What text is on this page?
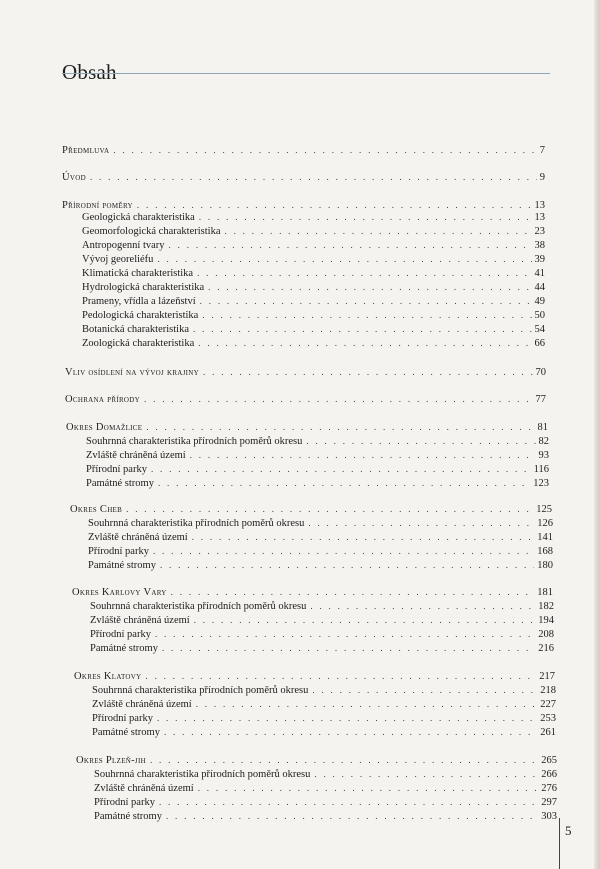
Obsah
Předmluva . . .	7
Úvod . . .	9
Přírodní poměry . . .	13
Geologická charakteristika . . .	13
Geomorfologická charakteristika . . .	23
Antropogenní tvary . . .	38
Vývoj georeliéfu . . .	39
Klimatická charakteristika . . .	41
Hydrologická charakteristika . . .	44
Prameny, vřídla a lázeňství . . .	49
Pedologická charakteristika . . .	50
Botanická charakteristika . . .	54
Zoologická charakteristika . . .	66
Vliv osídlení na vývoj krajiny . . .	70
Ochrana přírody . . .	77
Okres Domažlice . . .	81
Souhrnná charakteristika přírodních poměrů okresu . . .	82
Zvláště chráněná území . . .	93
Přírodní parky . . .	116
Památné stromy . . .	123
Okres Cheb . . .	125
Souhrnná charakteristika přírodních poměrů okresu . . .	126
Zvláště chráněná území . . .	141
Přírodní parky . . .	168
Památné stromy . . .	180
Okres Karlovy Vary . . .	181
Souhrnná charakteristika přírodních poměrů okresu . . .	182
Zvláště chráněná území . . .	194
Přírodní parky . . .	208
Památné stromy . . .	216
Okres Klatovy . . .	217
Souhrnná charakteristika přírodních poměrů okresu . . .	218
Zvláště chráněná území . . .	227
Přírodní parky . . .	253
Památné stromy . . .	261
Okres Plzeň-jih . . .	265
Souhrnná charakteristika přírodních poměrů okresu . . .	266
Zvláště chráněná území . . .	276
Přírodní parky . . .	297
Památné stromy . . .	303
5
